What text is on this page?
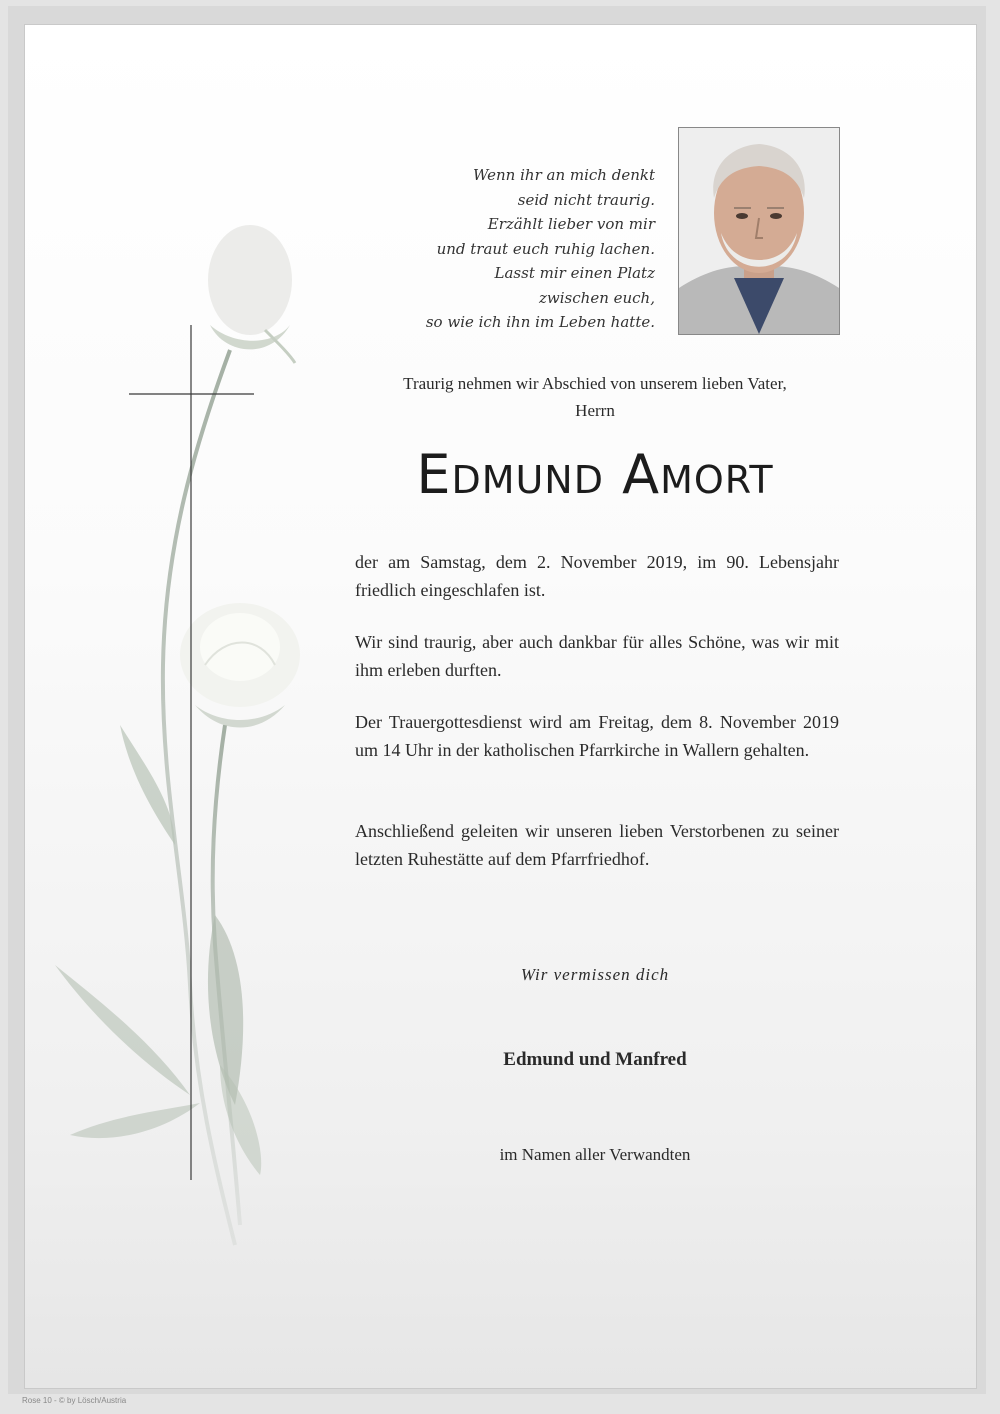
Wenn ihr an mich denkt
seid nicht traurig.
Erzählt lieber von mir
und traut euch ruhig lachen.
Lasst mir einen Platz
zwischen euch,
so wie ich ihn im Leben hatte.
Traurig nehmen wir Abschied von unserem lieben Vater,
Herrn
Edmund Amort
der am Samstag, dem 2. November 2019, im 90. Lebensjahr friedlich eingeschlafen ist.
Wir sind traurig, aber auch dankbar für alles Schöne, was wir mit ihm erleben durften.
Der Trauergottesdienst wird am Freitag, dem 8. November 2019 um 14 Uhr in der katholischen Pfarrkirche in Wallern gehalten.
Anschließend geleiten wir unseren lieben Verstorbenen zu seiner letzten Ruhestätte auf dem Pfarrfriedhof.
Wir vermissen dich
Edmund und Manfred
im Namen aller Verwandten
Rose 10 - © by Lösch/Austria
